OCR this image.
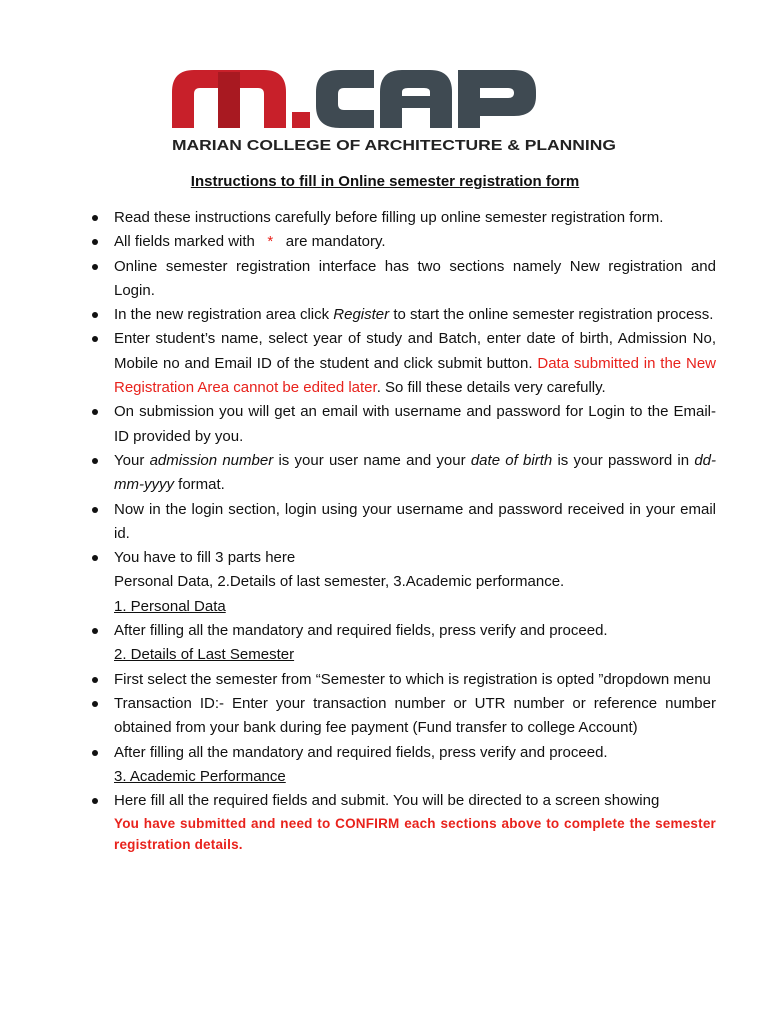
MARIAN COLLEGE OF ARCHITECTURE & PLANNING
Instructions to fill in Online semester registration form
Read these instructions carefully before filling up online semester registration form.
All fields marked with * are mandatory.
Online semester registration interface has two sections namely New registration and Login.
In the new registration area click Register to start the online semester registration process.
Enter student’s name, select year of study and Batch, enter date of birth, Admission No, Mobile no and Email ID of the student and click submit button. Data submitted in the New Registration Area cannot be edited later. So fill these details very carefully.
On submission you will get an email with username and password for Login to the Email-ID provided by you.
Your admission number is your user name and your date of birth is your password in dd-mm-yyyy format.
Now in the login section, login using your username and password received in your email id.
You have to fill 3 parts here
Personal Data, 2.Details of last semester, 3.Academic performance.
1. Personal Data
After filling all the mandatory and required fields, press verify and proceed.
2. Details of Last Semester
First select the semester from “Semester to which is registration is opted ”dropdown menu
Transaction ID:- Enter your transaction number or UTR number or reference number obtained from your bank during fee payment (Fund transfer to college Account)
After filling all the mandatory and required fields, press verify and proceed.
3. Academic Performance
Here fill all the required fields and submit. You will be directed to a screen showing
You have submitted and need to CONFIRM each sections above to complete the semester registration details.
